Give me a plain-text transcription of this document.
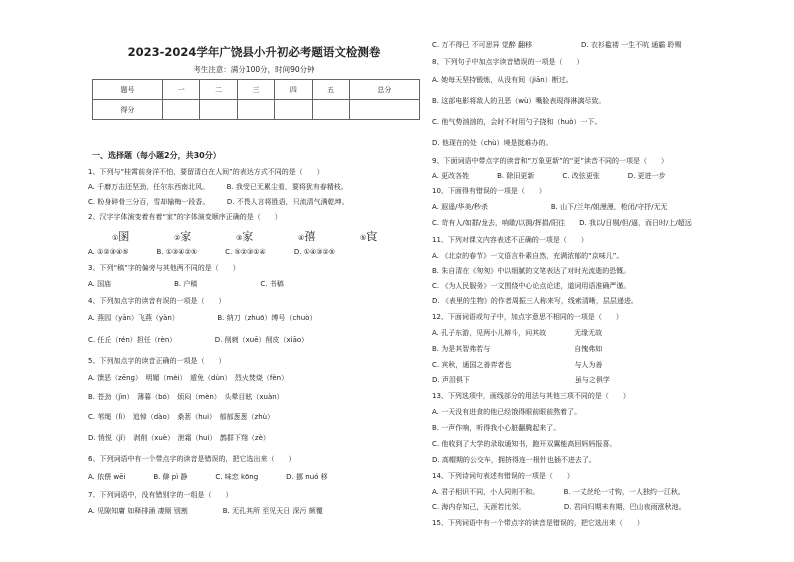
2023-2024学年广饶县小升初必考题语文检测卷
考生注意：满分100分，时间90分钟
题号	一	二	三	四	五	总分
得分						
一、选择题（每小题2分，共30分）
1、下列与“桂霄前身洋不怕，要留清白在人间”的表达方式不同的是（　　）
A. 千磨万击还坚劲，任尔东西南北风。　　　B. 我受已无累尘看，要将犹有春精枝。
C. 粉身碎骨三分百，雪却输梅一段香。　　　D. 不畏人言将胜语，只流清气满乾坤。
2、汉字字体演变着有着“家”的字体演变顺序正确的是（　　）
①圂	②家	③家	④㝆	⑤㝗
A. ①②③④⑤　　　　B. ①③④②⑤　　　　C. ⑤②③①④　　　　D. ①④③②⑤
3、下列“稿”字的偏旁与其他两不同的是（　　）
A. 国庙　　　　　　　　　B. 户稿　　　　　　　　　C. 书稿
4、下列加点字的读音有误的一项是（　　）
A. 燕园（yān）飞燕（yàn）　　　　　　B. 纳刀（zhuō）缚号（chuò）
C. 任丘（rén）担任（rèn）　　　　　　D. 削刺（xuē）削皮（xiāo）
5、下列加点字的读音正确的一项是（　　）
A. 馈恶（zēng）　明媚（mèi）　遁免（dùn）　烈火焚烧（fèn）
B. 苍劲（jìn）　薄暮（bó）　烦闷（mèn）　头晕目眩（xuàn）
C. 苇绳（lì）　追悼（dào）　桑葚（hui）　郁郁葱葱（zhù）
D. 悄悦（jǐ）　剥削（xuè）　泄霜（hui）　鹊群下翔（zè）
6、下列词语中有一个带点字的读音是错误的，把它选出来（　　）
A. 依偎 wēi　　　　B. 僻 pì 静　　　　C. 味恋 kōng　　　　D. 挪 nuó 移
7、下列词语中，没有错别字的一组是（　　）
A. 见隙知庸 如释排涌 凄厕 别割　　　　　B. 无孔其所 至见天日 深污 颇覆
C. 万不得已 不可思异 觉醉 翻移　　　　　　　D. 衣衫褴褛 一生不吭 通霸 聆赐
8、下列句子中加点字读音错误的一项是（　　）
A. 她每天坚持锻炼，从没有间（jiān）断过。
B. 这部电影将敌人的丑恶（wù）嘴脸表现得淋漓尽致。
C. 他气势汹汹的，会时不时用勺子挠和（huò）一下。
D. 他现在的处（chù）境是挺难办的。
9、下面词语中带点字的读音和“万象更新”的“更”读音不同的一项是（　　）
A. 更改各姓　　　　B. 除旧更新　　　　C. 改弦更张　　　　D. 更进一步
10、下面得有错误的一项是（　　）
A. 遐遥/华美/秒杀　　　　　　　　　B. 山下/兰年/姐漫漫，枪闭/守抒/无无
C. 苛有人/如群/龙去，响歇/以拥/挥捐/阳往　　D. 我以/日剔/但/逼，而日时/上/超远
11、下列对课文内容表述不正确的一项是（　　）
A. 《北京的春节》一文语言朴素自然，充满浓郁的“京味儿”。
B. 朱自清在《匆匆》中以细腻的文笔表达了对时光流逝的恐慨。
C. 《为人民服务》一文围绕中心论点论述，道词用语准确严谨。
D. 《表里的生物》的作者周振三人称来写，线索清晰，层层递进。
12、下面词语或句子中，加点字意思不相同的一项是（　　）
A. 孔子东游，见两小儿辩斗，问其故　　　　无缘无故
B. 为是其智弗若与　　　　　　　　　　　　自愧弗如
C. 宾秋，通国之善弈者也　　　　　　　　　与人为善
D. 声泪俱下　　　　　　　　　　　　　　　虽与之俱学
13、下列选项中，画线部分的用法与其他三项不同的是（　　）
A. 一天没有进食的他已经饿得眼前眼前熬着了。
B. 一声作响，听得我小心脏翻腾起来了。
C. 他收到了大学的录取通知书，跑开双翼能高回妈妈报喜。
D. 高帽期的公交车，拥挤得连一根针也插不进去了。
14、下列诗词句表述有错误的一项是（　　）
A. 君子相识不同，小人同则不和。　　　　B. 一丈丝纶一寸钩，一人独约一江秋。
C. 海内存知己，天涯若比邻。　　　　　　D. 君问归期未有期，巴山夜雨涨秋池。
15、下列词语中有一个带点字的读音是错误的，把它选出来（　　）
